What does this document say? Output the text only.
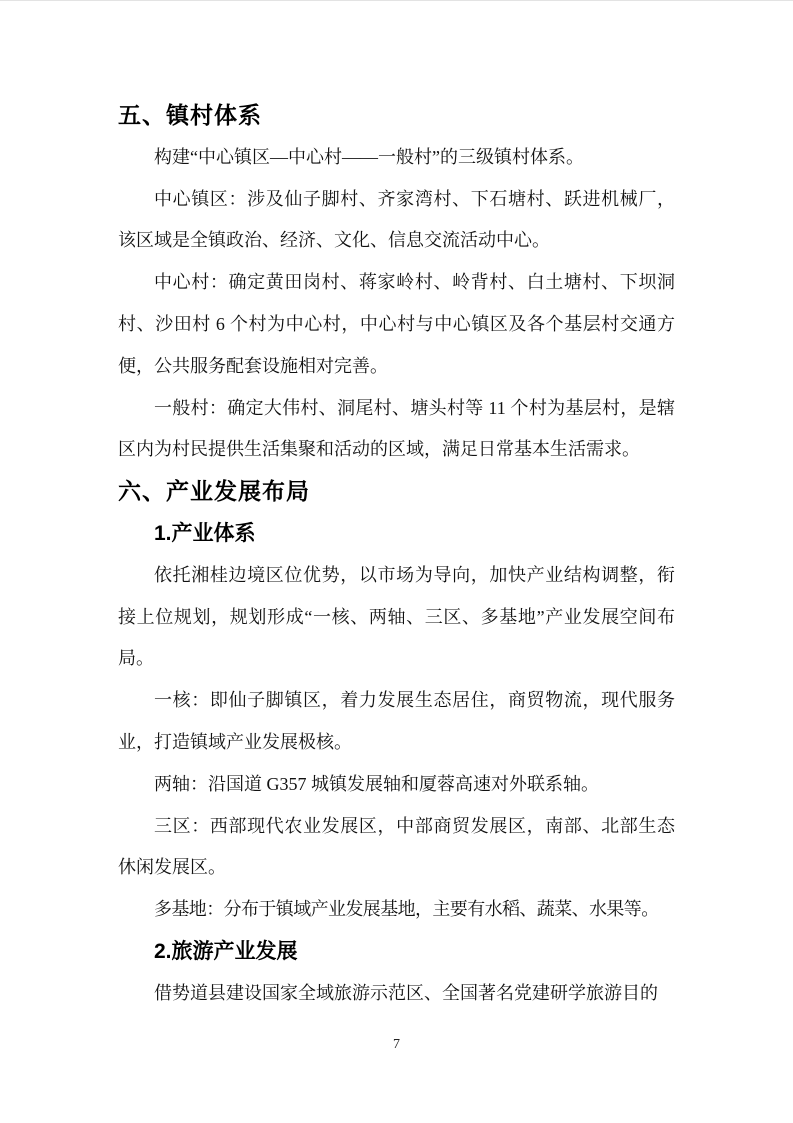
五、镇村体系

构建“中心镇区—中心村——一般村”的三级镇村体系。

中心镇区：涉及仙子脚村、齐家湾村、下石塘村、跃进机械厂，该区域是全镇政治、经济、文化、信息交流活动中心。

中心村：确定黄田岗村、蒋家岭村、岭背村、白土塘村、下坝洞村、沙田村 6 个村为中心村，中心村与中心镇区及各个基层村交通方便，公共服务配套设施相对完善。

一般村：确定大伟村、洞尾村、塘头村等 11 个村为基层村，是辖区内为村民提供生活集聚和活动的区域，满足日常基本生活需求。

六、产业发展布局
1.产业体系

依托湘桂边境区位优势，以市场为导向，加快产业结构调整，衔接上位规划，规划形成“一核、两轴、三区、多基地”产业发展空间布局。

一核：即仙子脚镇区，着力发展生态居住，商贸物流，现代服务业，打造镇域产业发展极核。

两轴：沿国道 G357 城镇发展轴和厦蓉高速对外联系轴。

三区：西部现代农业发展区，中部商贸发展区，南部、北部生态休闲发展区。

多基地：分布于镇域产业发展基地，主要有水稻、蔬菜、水果等。

2.旅游产业发展

借势道县建设国家全域旅游示范区、全国著名党建研学旅游目的

7
